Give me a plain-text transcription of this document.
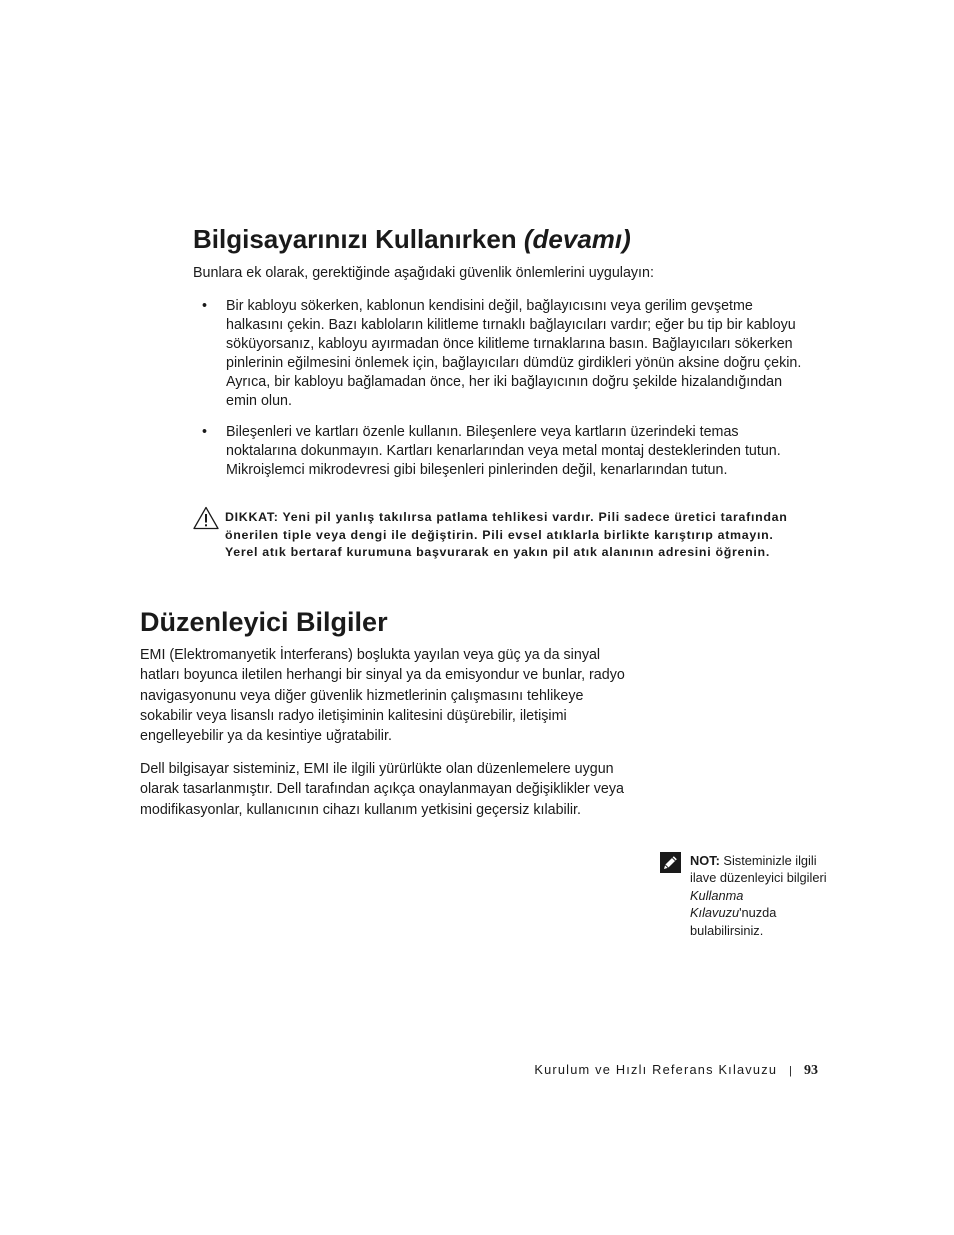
Bilgisayarınızı Kullanırken (devamı)
Bunlara ek olarak, gerektiğinde aşağıdaki güvenlik önlemlerini uygulayın:
• Bir kabloyu sökerken, kablonun kendisini değil, bağlayıcısını veya gerilim gevşetme halkasını çekin. Bazı kabloların kilitleme tırnaklı bağlayıcıları vardır; eğer bu tip bir kabloyu söküyorsanız, kabloyu ayırmadan önce kilitleme tırnaklarına basın. Bağlayıcıları sökerken pinlerinin eğilmesini önlemek için, bağlayıcıları dümdüz girdikleri yönün aksine doğru çekin. Ayrıca, bir kabloyu bağlamadan önce, her iki bağlayıcının doğru şekilde hizalandığından emin olun.
• Bileşenleri ve kartları özenle kullanın. Bileşenlere veya kartların üzerindeki temas noktalarına dokunmayın. Kartları kenarlarından veya metal montaj desteklerinden tutun. Mikroişlemci mikrodevresi gibi bileşenleri pinlerinden değil, kenarlarından tutun.
DIKKAT: Yeni pil yanlış takılırsa patlama tehlikesi vardır. Pili sadece üretici tarafından önerilen tiple veya dengi ile değiştirin. Pili evsel atıklarla birlikte karıştırıp atmayın. Yerel atık bertaraf kurumuna başvurarak en yakın pil atık alanının adresini öğrenin.
Düzenleyici Bilgiler
EMI (Elektromanyetik İnterferans) boşlukta yayılan veya güç ya da sinyal hatları boyunca iletilen herhangi bir sinyal ya da emisyondur ve bunlar, radyo navigasyonunu veya diğer güvenlik hizmetlerinin çalışmasını tehlikeye sokabilir veya lisanslı radyo iletişiminin kalitesini düşürebilir, iletişimi engelleyebilir ya da kesintiye uğratabilir.
Dell bilgisayar sisteminiz, EMI ile ilgili yürürlükte olan düzenlemelere uygun olarak tasarlanmıştır. Dell tarafından açıkça onaylanmayan değişiklikler veya modifikasyonlar, kullanıcının cihazı kullanım yetkisini geçersiz kılabilir.
NOT: Sisteminizle ilgili ilave düzenleyici bilgileri Kullanma Kılavuzu'nuzda bulabilirsiniz.
Kurulum ve Hızlı Referans Kılavuzu | 93
